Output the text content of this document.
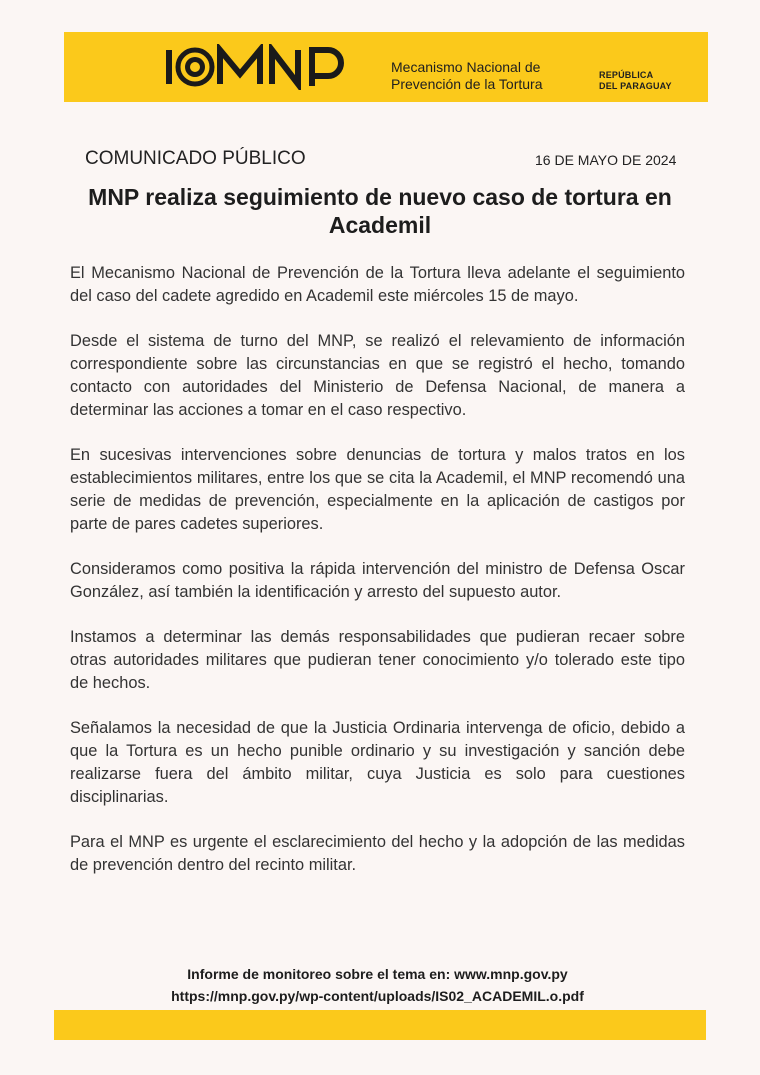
Mecanismo Nacional de
Prevención de la Tortura
REPÚBLICA
DEL PARAGUAY
COMUNICADO PÚBLICO	16 DE MAYO DE 2024
MNP realiza seguimiento de nuevo caso de tortura en Academil

El Mecanismo Nacional de Prevención de la Tortura lleva adelante el seguimiento del caso del cadete agredido en Academil este miércoles 15 de mayo.

Desde el sistema de turno del MNP, se realizó el relevamiento de información correspondiente sobre las circunstancias en que se registró el hecho, tomando contacto con autoridades del Ministerio de Defensa Nacional, de manera a determinar las acciones a tomar en el caso respectivo.

En sucesivas intervenciones sobre denuncias de tortura y malos tratos en los establecimientos militares, entre los que se cita la Academil, el MNP recomendó una serie de medidas de prevención, especialmente en la aplicación de castigos por parte de pares cadetes superiores.

Consideramos como positiva la rápida intervención del ministro de Defensa Oscar González, así también la identificación y arresto del supuesto autor.

Instamos a determinar las demás responsabilidades que pudieran recaer sobre otras autoridades militares que pudieran tener conocimiento y/o tolerado este tipo de hechos.

Señalamos la necesidad de que la Justicia Ordinaria intervenga de oficio, debido a que la Tortura es un hecho punible ordinario y su investigación y sanción debe realizarse fuera del ámbito militar, cuya Justicia es solo para cuestiones disciplinarias.

Para el MNP es urgente el esclarecimiento del hecho y la adopción de las medidas de prevención dentro del recinto militar.

Informe de monitoreo sobre el tema en: www.mnp.gov.py
https://mnp.gov.py/wp-content/uploads/IS02_ACADEMIL.o.pdf
